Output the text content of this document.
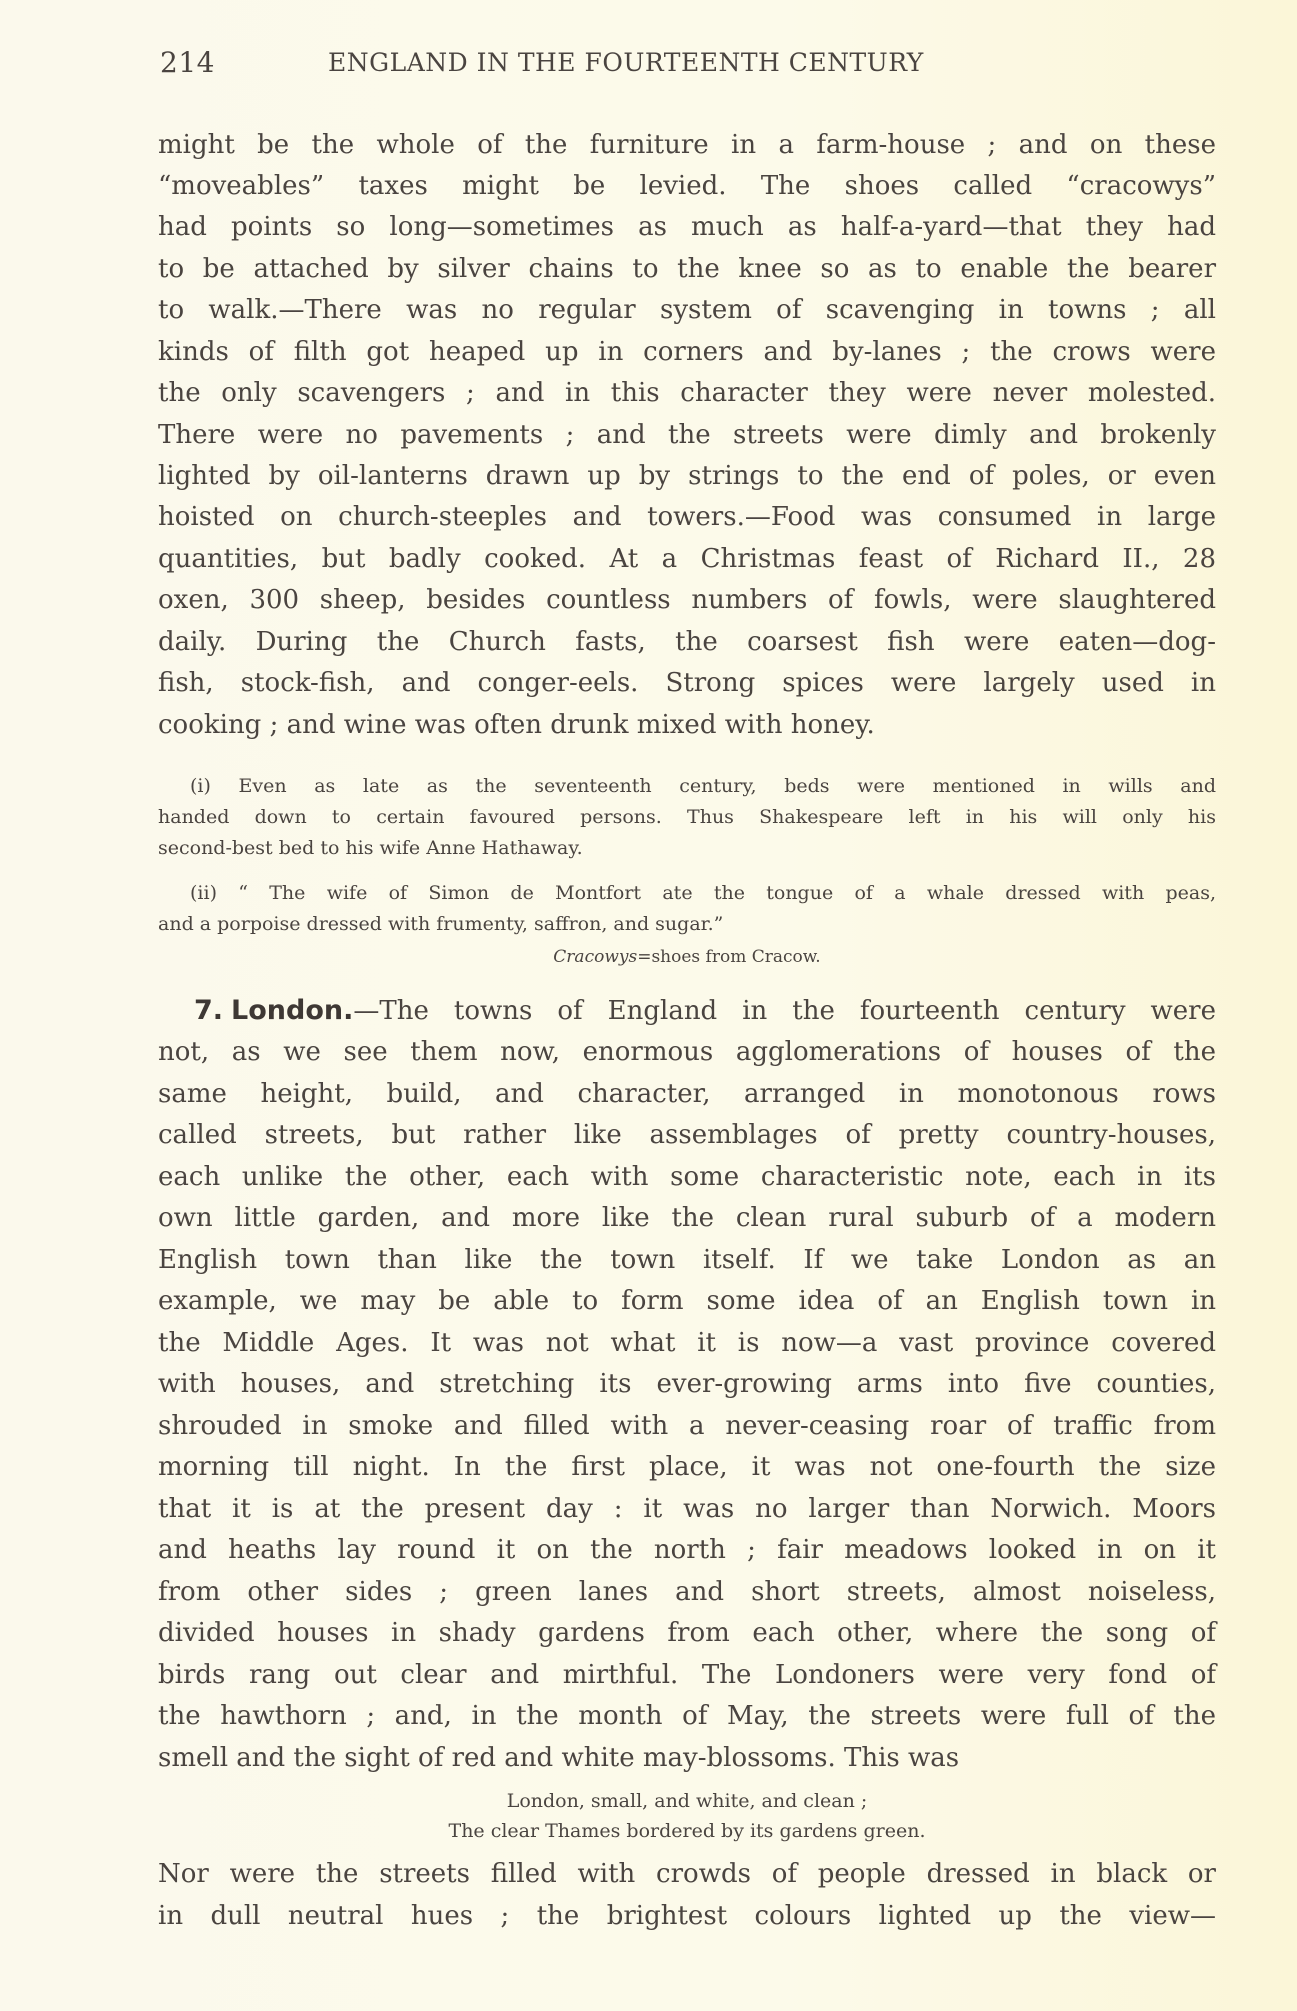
214	ENGLAND IN THE FOURTEENTH CENTURY
might be the whole of the furniture in a farm-house ; and on these
“moveables” taxes might be levied. The shoes called “cracowys”
had points so long—sometimes as much as half-a-yard—that they had
to be attached by silver chains to the knee so as to enable the bearer
to walk.—There was no regular system of scavenging in towns ; all
kinds of filth got heaped up in corners and by-lanes ; the crows were
the only scavengers ; and in this character they were never molested.
There were no pavements ; and the streets were dimly and brokenly
lighted by oil-lanterns drawn up by strings to the end of poles, or even
hoisted on church-steeples and towers.—Food was consumed in large
quantities, but badly cooked. At a Christmas feast of Richard II., 28
oxen, 300 sheep, besides countless numbers of fowls, were slaughtered
daily. During the Church fasts, the coarsest fish were eaten—dog-
fish, stock-fish, and conger-eels. Strong spices were largely used in
cooking ; and wine was often drunk mixed with honey.
(i) Even as late as the seventeenth century, beds were mentioned in wills and
handed down to certain favoured persons. Thus Shakespeare left in his will only his
second-best bed to his wife Anne Hathaway.
(ii) “ The wife of Simon de Montfort ate the tongue of a whale dressed with peas,
and a porpoise dressed with frumenty, saffron, and sugar.”
Cracowys=shoes from Cracow.
7. London.—The towns of England in the fourteenth century were
not, as we see them now, enormous agglomerations of houses of the
same height, build, and character, arranged in monotonous rows
called streets, but rather like assemblages of pretty country-houses,
each unlike the other, each with some characteristic note, each in its
own little garden, and more like the clean rural suburb of a modern
English town than like the town itself. If we take London as an
example, we may be able to form some idea of an English town in
the Middle Ages. It was not what it is now—a vast province covered
with houses, and stretching its ever-growing arms into five counties,
shrouded in smoke and filled with a never-ceasing roar of traffic from
morning till night. In the first place, it was not one-fourth the size
that it is at the present day : it was no larger than Norwich. Moors
and heaths lay round it on the north ; fair meadows looked in on it
from other sides ; green lanes and short streets, almost noiseless,
divided houses in shady gardens from each other, where the song of
birds rang out clear and mirthful. The Londoners were very fond of
the hawthorn ; and, in the month of May, the streets were full of the
smell and the sight of red and white may-blossoms. This was
London, small, and white, and clean ;
The clear Thames bordered by its gardens green.
Nor were the streets filled with crowds of people dressed in black or
in dull neutral hues ; the brightest colours lighted up the view—
